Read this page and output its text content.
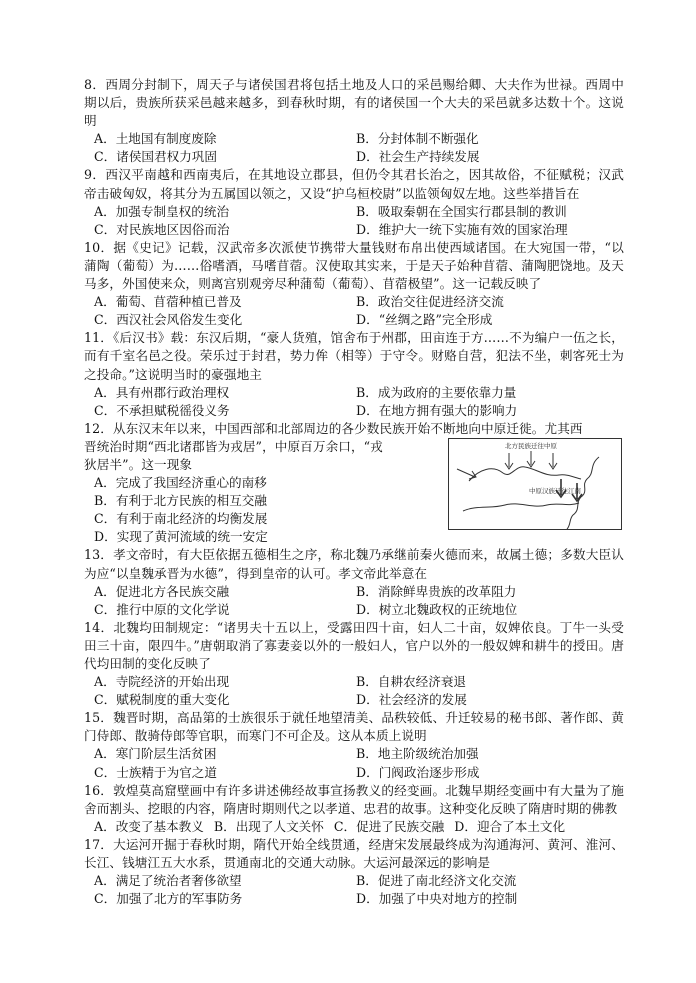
8．西周分封制下，周天子与诸侯国君将包括土地及人口的采邑赐给卿、大夫作为世禄。西周中期以后，贵族所获采邑越来越多，到春秋时期，有的诸侯国一个大夫的采邑就多达数十个。这说明

A．土地国有制度废除	B．分封体制不断强化
C．诸侯国君权力巩固	D．社会生产持续发展

9．西汉平南越和西南夷后，在其地设立郡县，但仍令其君长治之，因其故俗，不征赋税；汉武帝击破匈奴，将其分为五属国以领之，又设“护乌桓校尉”以监领匈奴左地。这些举措旨在

A．加强专制皇权的统治	B．吸取秦朝在全国实行郡县制的教训
C．对民族地区因俗而治	D．维护大一统下实施有效的国家治理

10．据《史记》记载，汉武帝多次派使节携带大量钱财布帛出使西域诸国。在大宛国一带，“以蒲陶（葡萄）为……俗嗜酒，马嗜苜蓿。汉使取其实来，于是天子始种苜蓿、蒲陶肥饶地。及天马多，外国使来众，则离宫别观旁尽种蒲萄（葡萄）、苜蓿极望”。这一记载反映了

A．葡萄、苜蓿种植已普及	B．政治交往促进经济交流
C．西汉社会风俗发生变化	D．“丝绸之路”完全形成

11．《后汉书》载：东汉后期，“豪人货殖，馆舍布于州郡，田亩连于方……不为编户一伍之长，而有千室名邑之役。荣乐过于封君，势力侔（相等）于守令。财赂自营，犯法不坐，刺客死士为之投命。”这说明当时的豪强地主

A．具有州郡行政治理权	B．成为政府的主要依靠力量
C．不承担赋税徭役义务	D．在地方拥有强大的影响力

12．从东汉末年以来，中国西部和北部周边的各少数民族开始不断地向中原迁徙。尤其西

晋统治时期“西北诸郡皆为戎居”，中原百万余口，“戎

狄居半”。这一现象

A．完成了我国经济重心的南移
B．有利于北方民族的相互交融
C．有利于南北经济的均衡发展
D．实现了黄河流域的统一安定
北方民族迁往中原
中原汉族迁往江南

13．孝文帝时，有大臣依据五德相生之序，称北魏乃承继前秦火德而来，故属土德；多数大臣认为应“以皇魏承晋为水德”，得到皇帝的认可。孝文帝此举意在

A．促进北方各民族交融	B．消除鲜卑贵族的改革阻力
C．推行中原的文化学说	D．树立北魏政权的正统地位

14．北魏均田制规定：“诸男夫十五以上，受露田四十亩，妇人二十亩，奴婢依良。丁牛一头受田三十亩，限四牛。”唐朝取消了寡妻妾以外的一般妇人，官户以外的一般奴婢和耕牛的授田。唐代均田制的变化反映了

A．寺院经济的开始出现	B．自耕农经济衰退
C．赋税制度的重大变化	D．社会经济的发展

15．魏晋时期，高品第的士族很乐于就任地望清美、品秩较低、升迁较易的秘书郎、著作郎、黄门侍郎、散骑侍郎等官职，而寒门不可企及。这从本质上说明

A．寒门阶层生活贫困	B．地主阶级统治加强
C．士族精于为官之道	D．门阀政治逐步形成

16．敦煌莫高窟壁画中有许多讲述佛经故事宣扬教义的经变画。北魏早期经变画中有大量为了施舍而割头、挖眼的内容，隋唐时期则代之以孝道、忠君的故事。这种变化反映了隋唐时期的佛教

A．改变了基本教义 B．出现了人文关怀 C．促进了民族交融 D．迎合了本土文化

17．大运河开掘于春秋时期，隋代开始全线贯通，经唐宋发展最终成为沟通海河、黄河、淮河、长江、钱塘江五大水系，贯通南北的交通大动脉。大运河最深远的影响是

A．满足了统治者奢侈欲望	B．促进了南北经济文化交流
C．加强了北方的军事防务	D．加强了中央对地方的控制
